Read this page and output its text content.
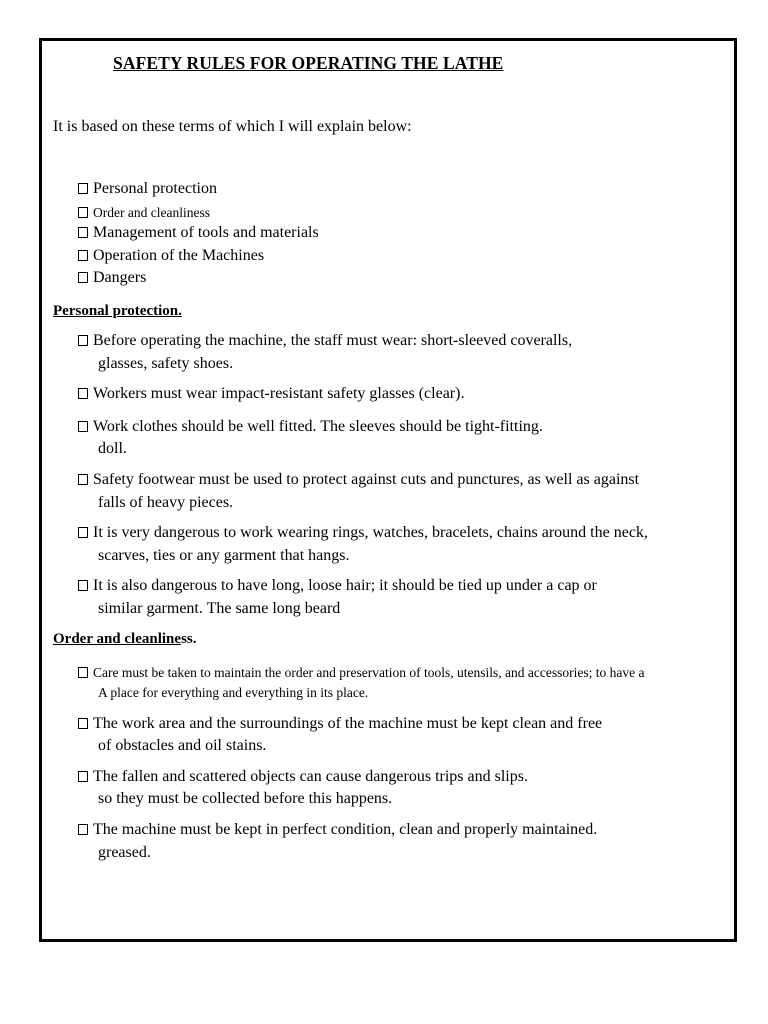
SAFETY RULES FOR OPERATING THE LATHE
It is based on these terms of which I will explain below:
Personal protection
Order and cleanliness
Management of tools and materials
Operation of the Machines
Dangers
Personal protection.
Before operating the machine, the staff must wear: short-sleeved coveralls,
glasses, safety shoes.
Workers must wear impact-resistant safety glasses (clear).
Work clothes should be well fitted. The sleeves should be tight-fitting.
doll.
Safety footwear must be used to protect against cuts and punctures, as well as against
falls of heavy pieces.
It is very dangerous to work wearing rings, watches, bracelets, chains around the neck,
scarves, ties or any garment that hangs.
It is also dangerous to have long, loose hair; it should be tied up under a cap or
similar garment. The same long beard
Order and cleanliness.
Care must be taken to maintain the order and preservation of tools, utensils, and accessories; to have a
A place for everything and everything in its place.
The work area and the surroundings of the machine must be kept clean and free
of obstacles and oil stains.
The fallen and scattered objects can cause dangerous trips and slips.
so they must be collected before this happens.
The machine must be kept in perfect condition, clean and properly maintained.
greased.
